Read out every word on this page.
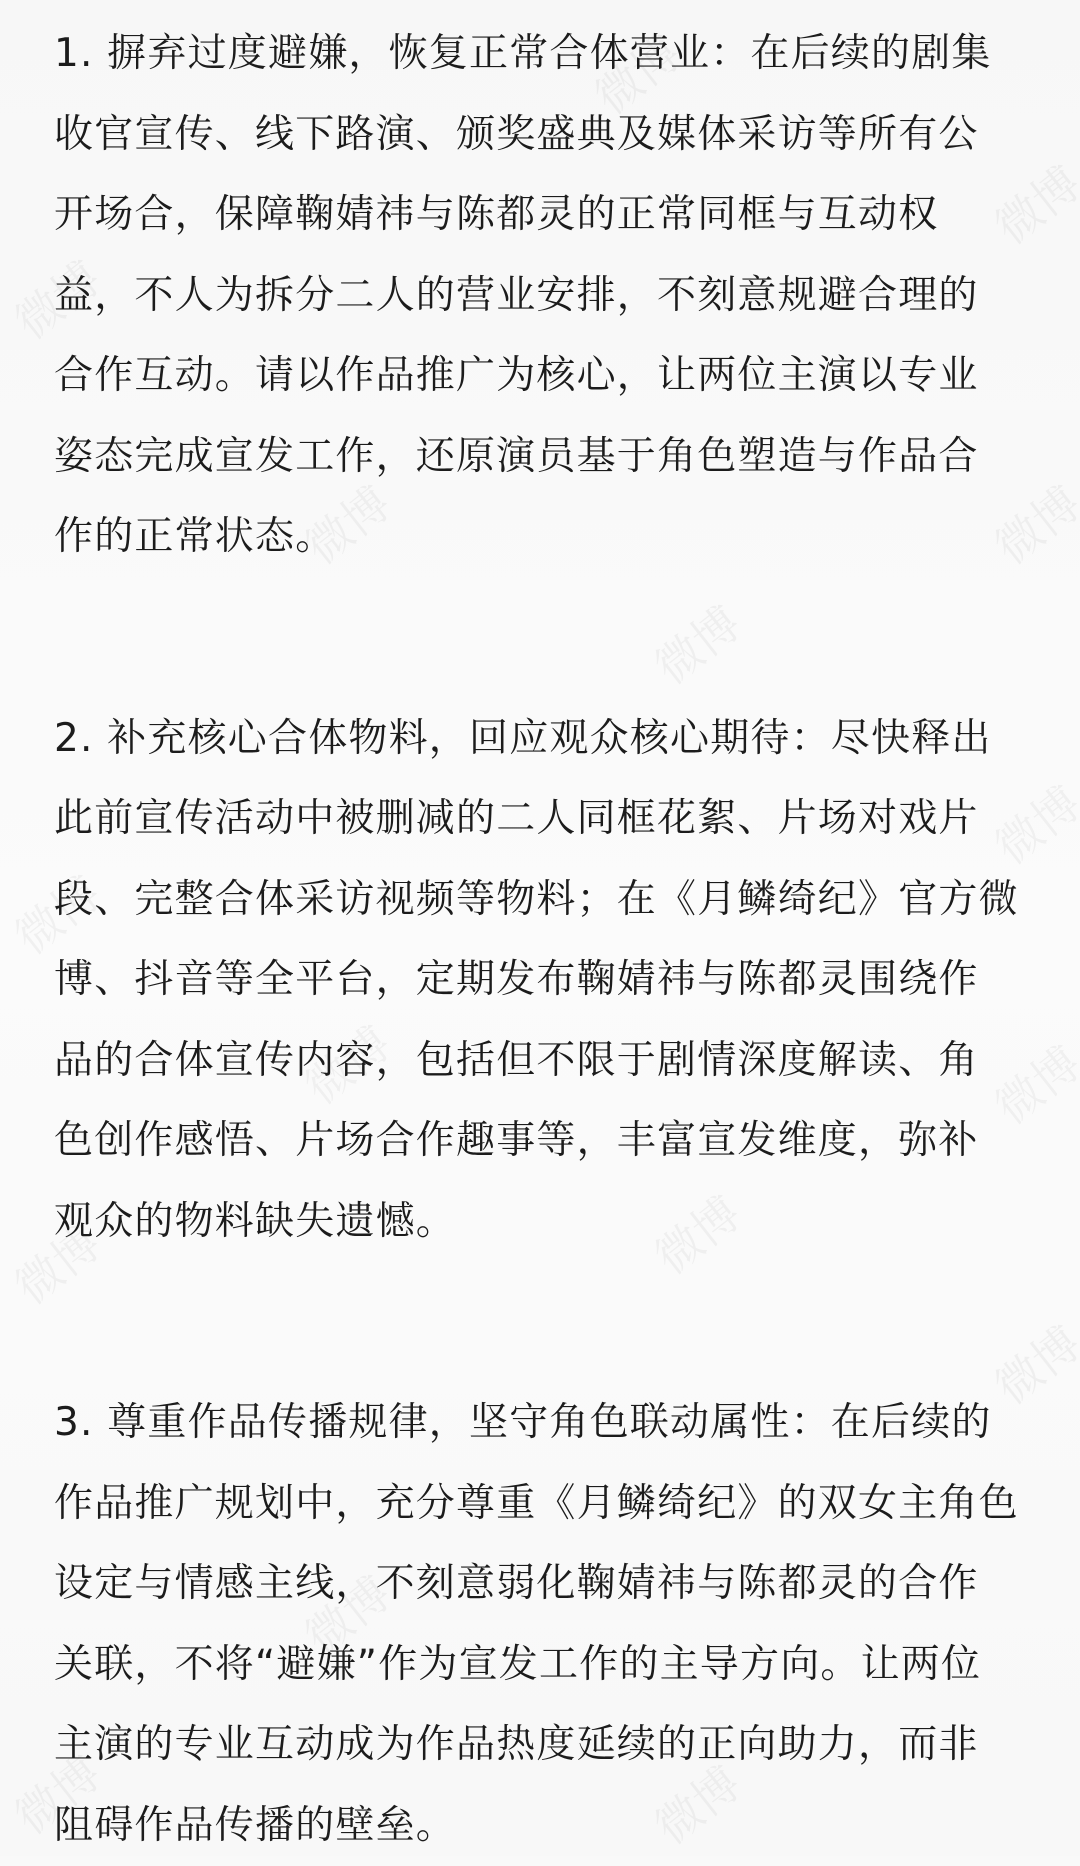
1. 摒弃过度避嫌，恢复正常合体营业：在后续的剧集
收官宣传、线下路演、颁奖盛典及媒体采访等所有公
开场合，保障鞠婧祎与陈都灵的正常同框与互动权
益，不人为拆分二人的营业安排，不刻意规避合理的
合作互动。请以作品推广为核心，让两位主演以专业
姿态完成宣发工作，还原演员基于角色塑造与作品合
作的正常状态。

2. 补充核心合体物料，回应观众核心期待：尽快释出
此前宣传活动中被删减的二人同框花絮、片场对戏片
段、完整合体采访视频等物料；在《月鳞绮纪》官方微
博、抖音等全平台，定期发布鞠婧祎与陈都灵围绕作
品的合体宣传内容，包括但不限于剧情深度解读、角
色创作感悟、片场合作趣事等，丰富宣发维度，弥补
观众的物料缺失遗憾。

3. 尊重作品传播规律，坚守角色联动属性：在后续的
作品推广规划中，充分尊重《月鳞绮纪》的双女主角色
设定与情感主线，不刻意弱化鞠婧祎与陈都灵的合作
关联，不将“避嫌”作为宣发工作的主导方向。让两位
主演的专业互动成为作品热度延续的正向助力，而非
阻碍作品传播的壁垒。
